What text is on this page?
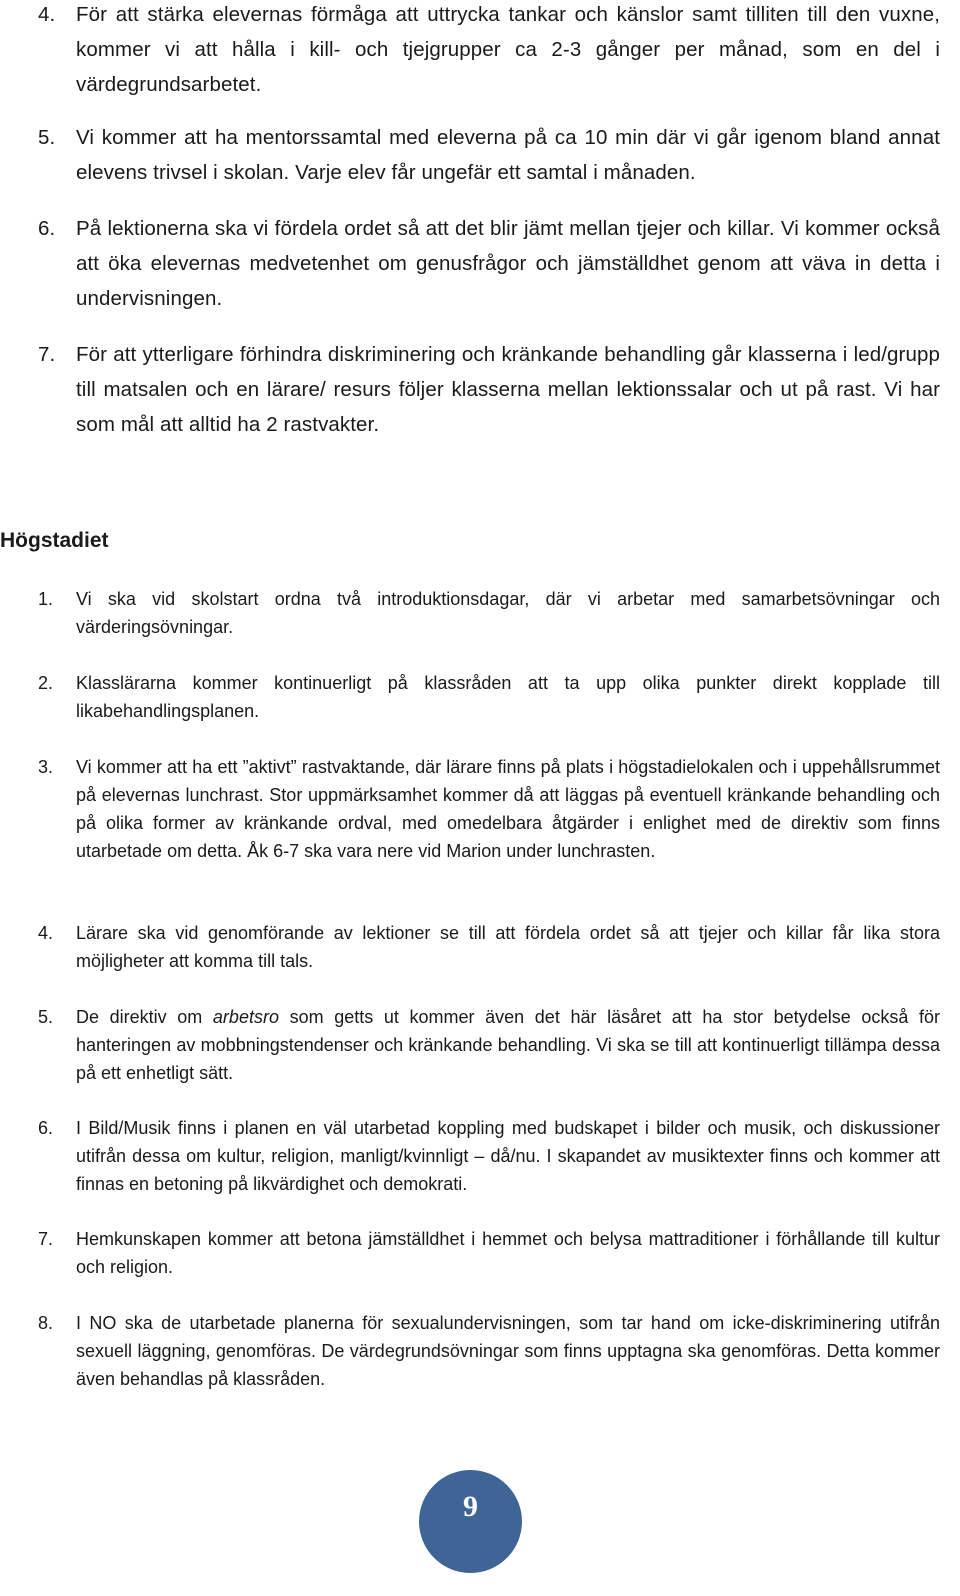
4. För att stärka elevernas förmåga att uttrycka tankar och känslor samt tilliten till den vuxne, kommer vi att hålla i kill- och tjejgrupper ca 2-3 gånger per månad, som en del i värdegrundsarbetet.
5. Vi kommer att ha mentorssamtal med eleverna på ca 10 min där vi går igenom bland annat elevens trivsel i skolan. Varje elev får ungefär ett samtal i månaden.
6. På lektionerna ska vi fördela ordet så att det blir jämt mellan tjejer och killar. Vi kommer också att öka elevernas medvetenhet om genusfrågor och jämställdhet genom att väva in detta i undervisningen.
7. För att ytterligare förhindra diskriminering och kränkande behandling går klasserna i led/grupp till matsalen och en lärare/ resurs följer klasserna mellan lektionssalar och ut på rast. Vi har som mål att alltid ha 2 rastvakter.
Högstadiet
1. Vi ska vid skolstart ordna två introduktionsdagar, där vi arbetar med samarbetsövningar och värderingsövningar.
2. Klasslärarna kommer kontinuerligt på klassråden att ta upp olika punkter direkt kopplade till likabehandlingsplanen.
3. Vi kommer att ha ett ”aktivt” rastvaktande, där lärare finns på plats i högstadielokalen och i uppehållsrummet på elevernas lunchrast. Stor uppmärksamhet kommer då att läggas på eventuell kränkande behandling och på olika former av kränkande ordval, med omedelbara åtgärder i enlighet med de direktiv som finns utarbetade om detta. Åk 6-7 ska vara nere vid Marion under lunchrasten.
4. Lärare ska vid genomförande av lektioner se till att fördela ordet så att tjejer och killar får lika stora möjligheter att komma till tals.
5. De direktiv om arbetsro som getts ut kommer även det här läsåret att ha stor betydelse också för hanteringen av mobbningstendenser och kränkande behandling. Vi ska se till att kontinuerligt tillämpa dessa på ett enhetligt sätt.
6. I Bild/Musik finns i planen en väl utarbetad koppling med budskapet i bilder och musik, och diskussioner utifrån dessa om kultur, religion, manligt/kvinnligt – då/nu. I skapandet av musiktexter finns och kommer att finnas en betoning på likvärdighet och demokrati.
7. Hemkunskapen kommer att betona jämställdhet i hemmet och belysa mattraditioner i förhållande till kultur och religion.
8. I NO ska de utarbetade planerna för sexualundervisningen, som tar hand om icke-diskriminering utifrån sexuell läggning, genomföras. De värdegrundsövningar som finns upptagna ska genomföras. Detta kommer även behandlas på klassråden.
9
